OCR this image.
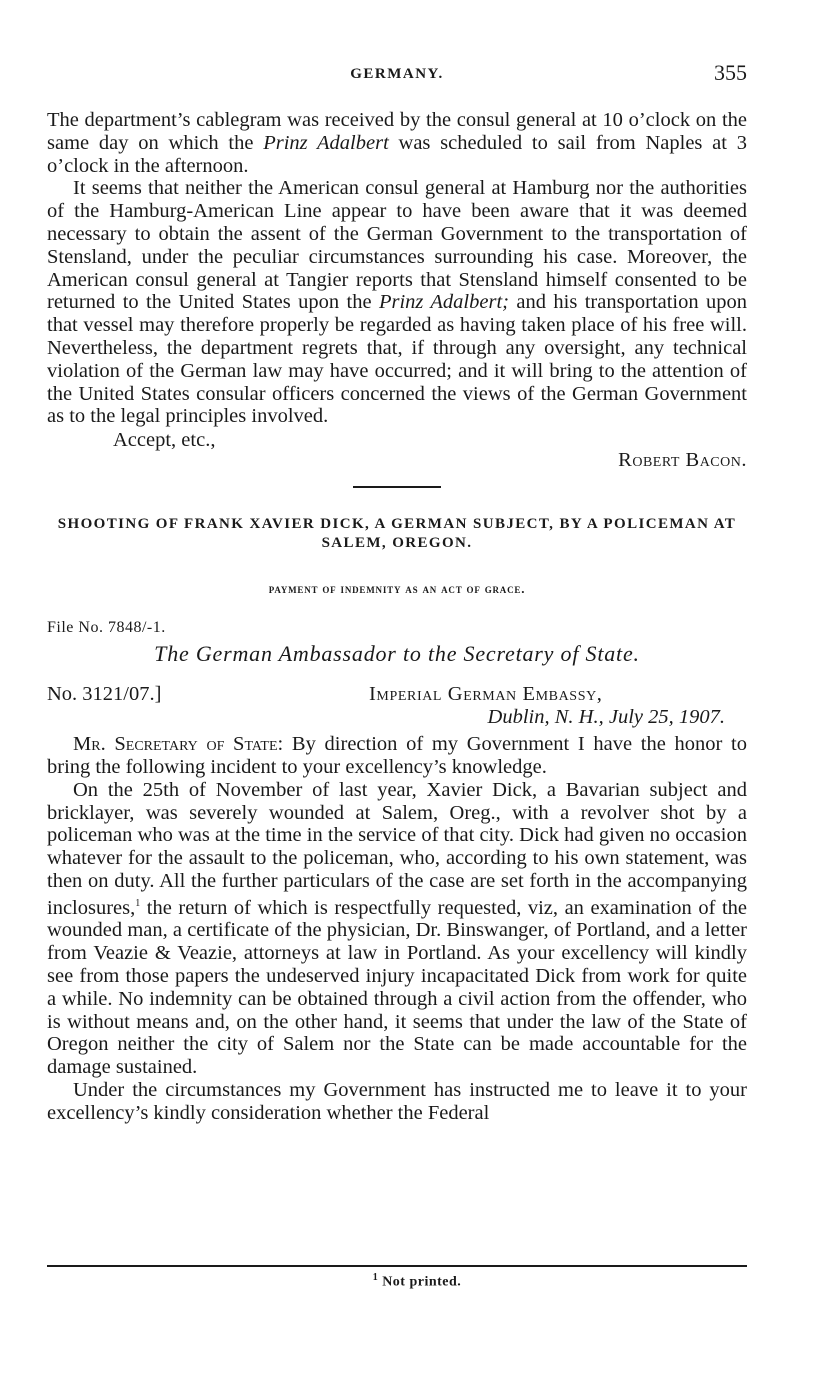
GERMANY.	355

The department’s cablegram was received by the consul general at 10 o’clock on the same day on which the Prinz Adalbert was scheduled to sail from Naples at 3 o’clock in the afternoon.

It seems that neither the American consul general at Hamburg nor the authorities of the Hamburg-American Line appear to have been aware that it was deemed necessary to obtain the assent of the German Government to the transportation of Stensland, under the peculiar circumstances surrounding his case. Moreover, the American consul general at Tangier reports that Stensland himself consented to be returned to the United States upon the Prinz Adalbert; and his transportation upon that vessel may therefore properly be regarded as having taken place of his free will. Nevertheless, the department regrets that, if through any oversight, any technical violation of the German law may have occurred; and it will bring to the attention of the United States consular officers concerned the views of the German Government as to the legal principles involved.

Accept, etc.,
Robert Bacon.
SHOOTING OF FRANK XAVIER DICK, A GERMAN SUBJECT, BY A POLICEMAN AT SALEM, OREGON.
payment of indemnity as an act of grace.
File No. 7848/-1.
The German Ambassador to the Secretary of State.
No. 3121/07.]	Imperial German Embassy,
Dublin, N. H., July 25, 1907.

Mr. Secretary of State: By direction of my Government I have the honor to bring the following incident to your excellency’s knowledge.

On the 25th of November of last year, Xavier Dick, a Bavarian subject and bricklayer, was severely wounded at Salem, Oreg., with a revolver shot by a policeman who was at the time in the service of that city. Dick had given no occasion whatever for the assault to the policeman, who, according to his own statement, was then on duty. All the further particulars of the case are set forth in the accompanying inclosures,$^1$ the return of which is respectfully requested, viz, an examination of the wounded man, a certificate of the physician, Dr. Binswanger, of Portland, and a letter from Veazie & Veazie, attorneys at law in Portland. As your excellency will kindly see from those papers the undeserved injury incapacitated Dick from work for quite a while. No indemnity can be obtained through a civil action from the offender, who is without means and, on the other hand, it seems that under the law of the State of Oregon neither the city of Salem nor the State can be made accountable for the damage sustained.

Under the circumstances my Government has instructed me to leave it to your excellency’s kindly consideration whether the Federal

$^1$ Not printed.
